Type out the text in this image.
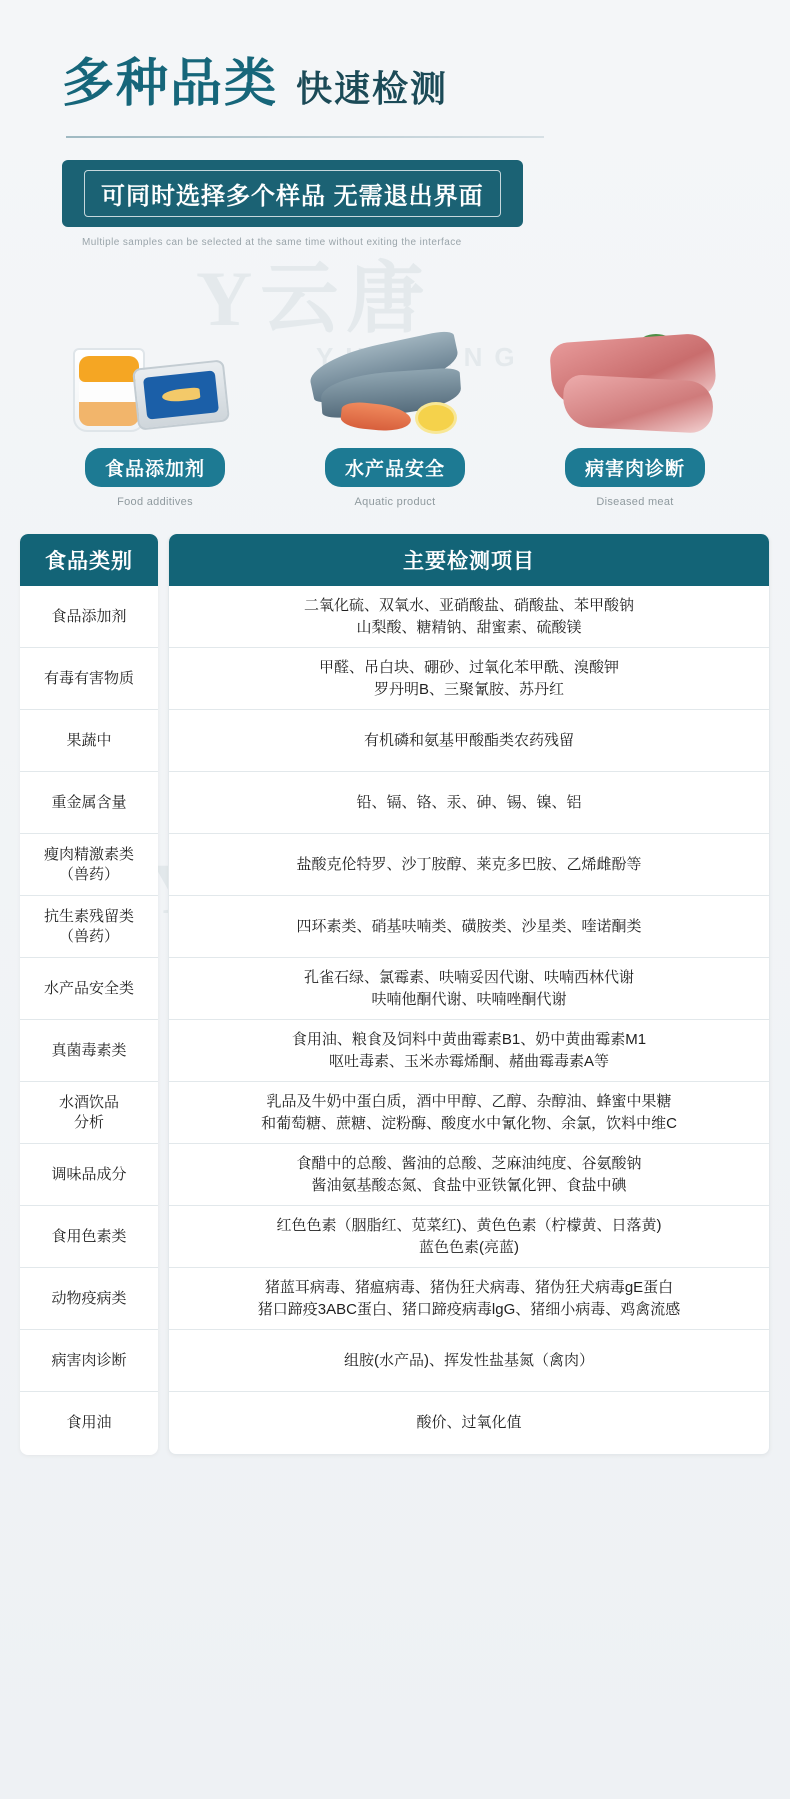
Y云唐
多种品类 快速检测
可同时选择多个样品 无需退出界面
Multiple samples can be selected at the same time without exiting the interface
食品添加剂
Food additives
水产品安全
Aquatic product
病害肉诊断
Diseased meat
食品类别
食品添加剂
有毒有害物质
果蔬中
重金属含量
瘦肉精激素类
（兽药）
抗生素残留类
（兽药）
水产品安全类
真菌毒素类
水酒饮品
分析
调味品成分
食用色素类
动物疫病类
病害肉诊断
食用油
主要检测项目
二氧化硫、双氧水、亚硝酸盐、硝酸盐、苯甲酸钠
山梨酸、糖精钠、甜蜜素、硫酸镁
甲醛、吊白块、硼砂、过氧化苯甲酰、溴酸钾
罗丹明B、三聚氰胺、苏丹红
有机磷和氨基甲酸酯类农药残留
铅、镉、铬、汞、砷、锡、镍、铝
盐酸克伦特罗、沙丁胺醇、莱克多巴胺、乙烯雌酚等
四环素类、硝基呋喃类、磺胺类、沙星类、喹诺酮类
孔雀石绿、氯霉素、呋喃妥因代谢、呋喃西林代谢
呋喃他酮代谢、呋喃唑酮代谢
食用油、粮食及饲料中黄曲霉素B1、奶中黄曲霉素M1
呕吐毒素、玉米赤霉烯酮、赭曲霉毒素A等
乳品及牛奶中蛋白质，酒中甲醇、乙醇、杂醇油、蜂蜜中果糖
和葡萄糖、蔗糖、淀粉酶、酸度水中氰化物、余氯，饮料中维C
食醋中的总酸、酱油的总酸、芝麻油纯度、谷氨酸钠
酱油氨基酸态氮、食盐中亚铁氰化钾、食盐中碘
红色色素（胭脂红、苋菜红)、黄色色素（柠檬黄、日落黄)
蓝色色素(亮蓝)
猪蓝耳病毒、猪瘟病毒、猪伪狂犬病毒、猪伪狂犬病毒gE蛋白
猪口蹄疫3ABC蛋白、猪口蹄疫病毒lgG、猪细小病毒、鸡禽流感
组胺(水产品)、挥发性盐基氮（禽肉）
酸价、过氧化值
